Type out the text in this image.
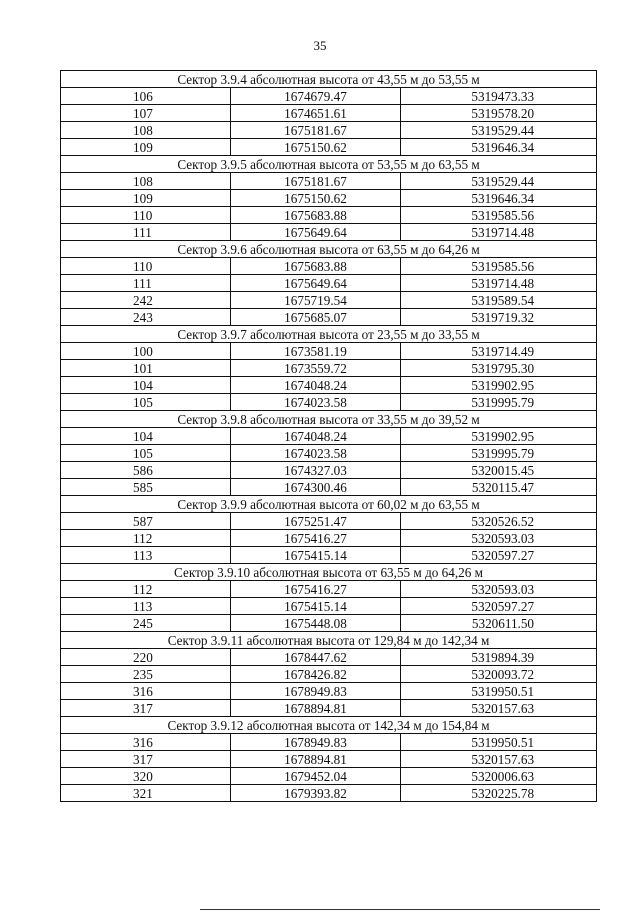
35
Сектор 3.9.4 абсолютная высота от 43,55 м до 53,55 м		
106	1674679.47	5319473.33
107	1674651.61	5319578.20
108	1675181.67	5319529.44
109	1675150.62	5319646.34
Сектор 3.9.5 абсолютная высота от 53,55 м до 63,55 м		
108	1675181.67	5319529.44
109	1675150.62	5319646.34
110	1675683.88	5319585.56
111	1675649.64	5319714.48
Сектор 3.9.6 абсолютная высота от 63,55 м до 64,26 м		
110	1675683.88	5319585.56
111	1675649.64	5319714.48
242	1675719.54	5319589.54
243	1675685.07	5319719.32
Сектор 3.9.7 абсолютная высота от 23,55 м до 33,55 м		
100	1673581.19	5319714.49
101	1673559.72	5319795.30
104	1674048.24	5319902.95
105	1674023.58	5319995.79
Сектор 3.9.8 абсолютная высота от 33,55 м до 39,52 м		
104	1674048.24	5319902.95
105	1674023.58	5319995.79
586	1674327.03	5320015.45
585	1674300.46	5320115.47
Сектор 3.9.9 абсолютная высота от 60,02 м до 63,55 м		
587	1675251.47	5320526.52
112	1675416.27	5320593.03
113	1675415.14	5320597.27
Сектор 3.9.10 абсолютная высота от 63,55 м до 64,26 м		
112	1675416.27	5320593.03
113	1675415.14	5320597.27
245	1675448.08	5320611.50
Сектор 3.9.11 абсолютная высота от 129,84 м до 142,34 м		
220	1678447.62	5319894.39
235	1678426.82	5320093.72
316	1678949.83	5319950.51
317	1678894.81	5320157.63
Сектор 3.9.12 абсолютная высота от 142,34 м до 154,84 м		
316	1678949.83	5319950.51
317	1678894.81	5320157.63
320	1679452.04	5320006.63
321	1679393.82	5320225.78
